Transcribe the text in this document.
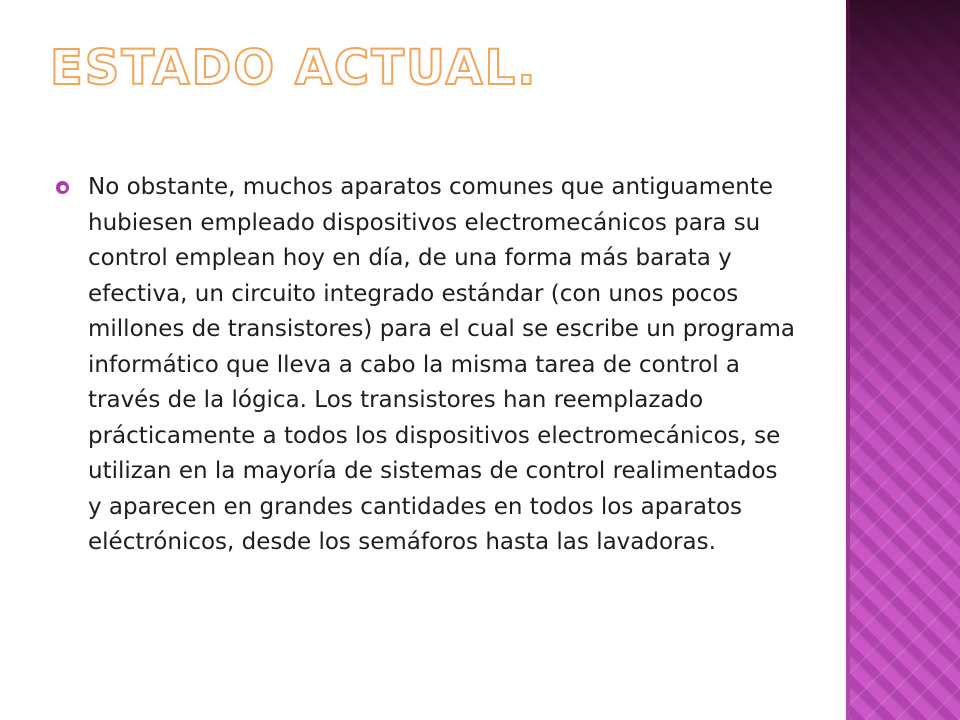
ESTADO ACTUAL.
No obstante, muchos aparatos comunes que antiguamente hubiesen empleado dispositivos electromecánicos para su control emplean hoy en día, de una forma más barata y efectiva, un circuito integrado estándar (con unos pocos millones de transistores) para el cual se escribe un programa informático que lleva a cabo la misma tarea de control a través de la lógica. Los transistores han reemplazado prácticamente a todos los dispositivos electromecánicos, se utilizan en la mayoría de sistemas de control realimentados y aparecen en grandes cantidades en todos los aparatos eléctrónicos, desde los semáforos hasta las lavadoras.
